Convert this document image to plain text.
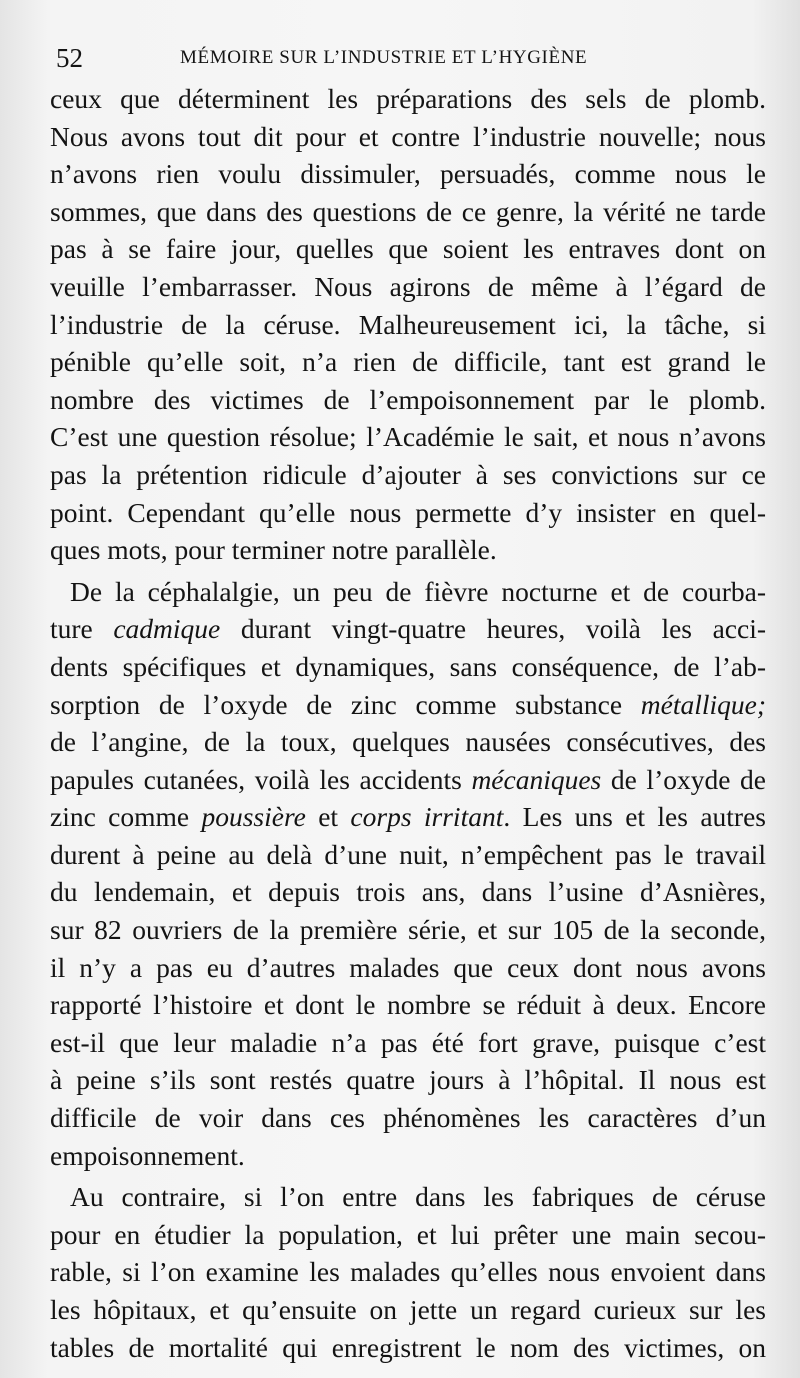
52	MÉMOIRE SUR L’INDUSTRIE ET L’HYGIÈNE
ceux que déterminent les préparations des sels de plomb.
Nous avons tout dit pour et contre l’industrie nouvelle; nous
n’avons rien voulu dissimuler, persuadés, comme nous le
sommes, que dans des questions de ce genre, la vérité ne tarde
pas à se faire jour, quelles que soient les entraves dont on
veuille l’embarrasser. Nous agirons de même à l’égard de
l’industrie de la céruse. Malheureusement ici, la tâche, si
pénible qu’elle soit, n’a rien de difficile, tant est grand le
nombre des victimes de l’empoisonnement par le plomb.
C’est une question résolue; l’Académie le sait, et nous n’avons
pas la prétention ridicule d’ajouter à ses convictions sur ce
point. Cependant qu’elle nous permette d’y insister en quel-
ques mots, pour terminer notre parallèle.
De la céphalalgie, un peu de fièvre nocturne et de courba-
ture cadmique durant vingt-quatre heures, voilà les acci-
dents spécifiques et dynamiques, sans conséquence, de l’ab-
sorption de l’oxyde de zinc comme substance métallique;
de l’angine, de la toux, quelques nausées consécutives, des
papules cutanées, voilà les accidents mécaniques de l’oxyde de
zinc comme poussière et corps irritant. Les uns et les autres
durent à peine au delà d’une nuit, n’empêchent pas le travail
du lendemain, et depuis trois ans, dans l’usine d’Asnières,
sur 82 ouvriers de la première série, et sur 105 de la seconde,
il n’y a pas eu d’autres malades que ceux dont nous avons
rapporté l’histoire et dont le nombre se réduit à deux. Encore
est-il que leur maladie n’a pas été fort grave, puisque c’est
à peine s’ils sont restés quatre jours à l’hôpital. Il nous est
difficile de voir dans ces phénomènes les caractères d’un
empoisonnement.
Au contraire, si l’on entre dans les fabriques de céruse
pour en étudier la population, et lui prêter une main secou-
rable, si l’on examine les malades qu’elles nous envoient dans
les hôpitaux, et qu’ensuite on jette un regard curieux sur les
tables de mortalité qui enregistrent le nom des victimes, on
